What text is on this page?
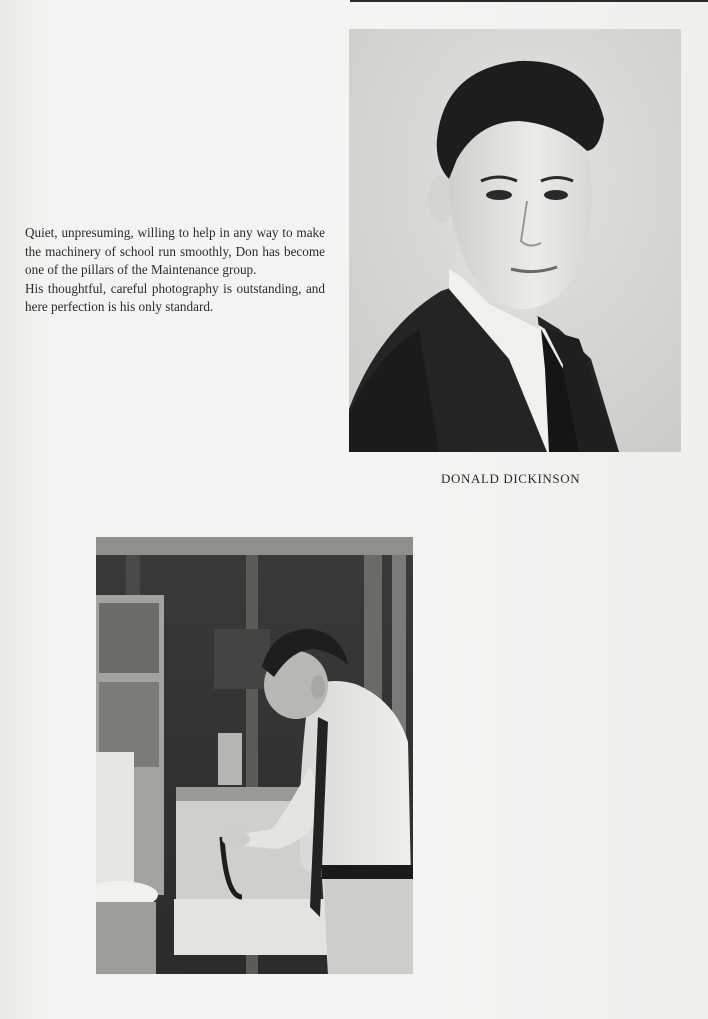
Quiet, unpresuming, willing to help in any way to make the machinery of school run smoothly, Don has become one of the pillars of the Maintenance group.

His thoughtful, careful photography is outstanding, and here perfection is his only standard.

DONALD DICKINSON
